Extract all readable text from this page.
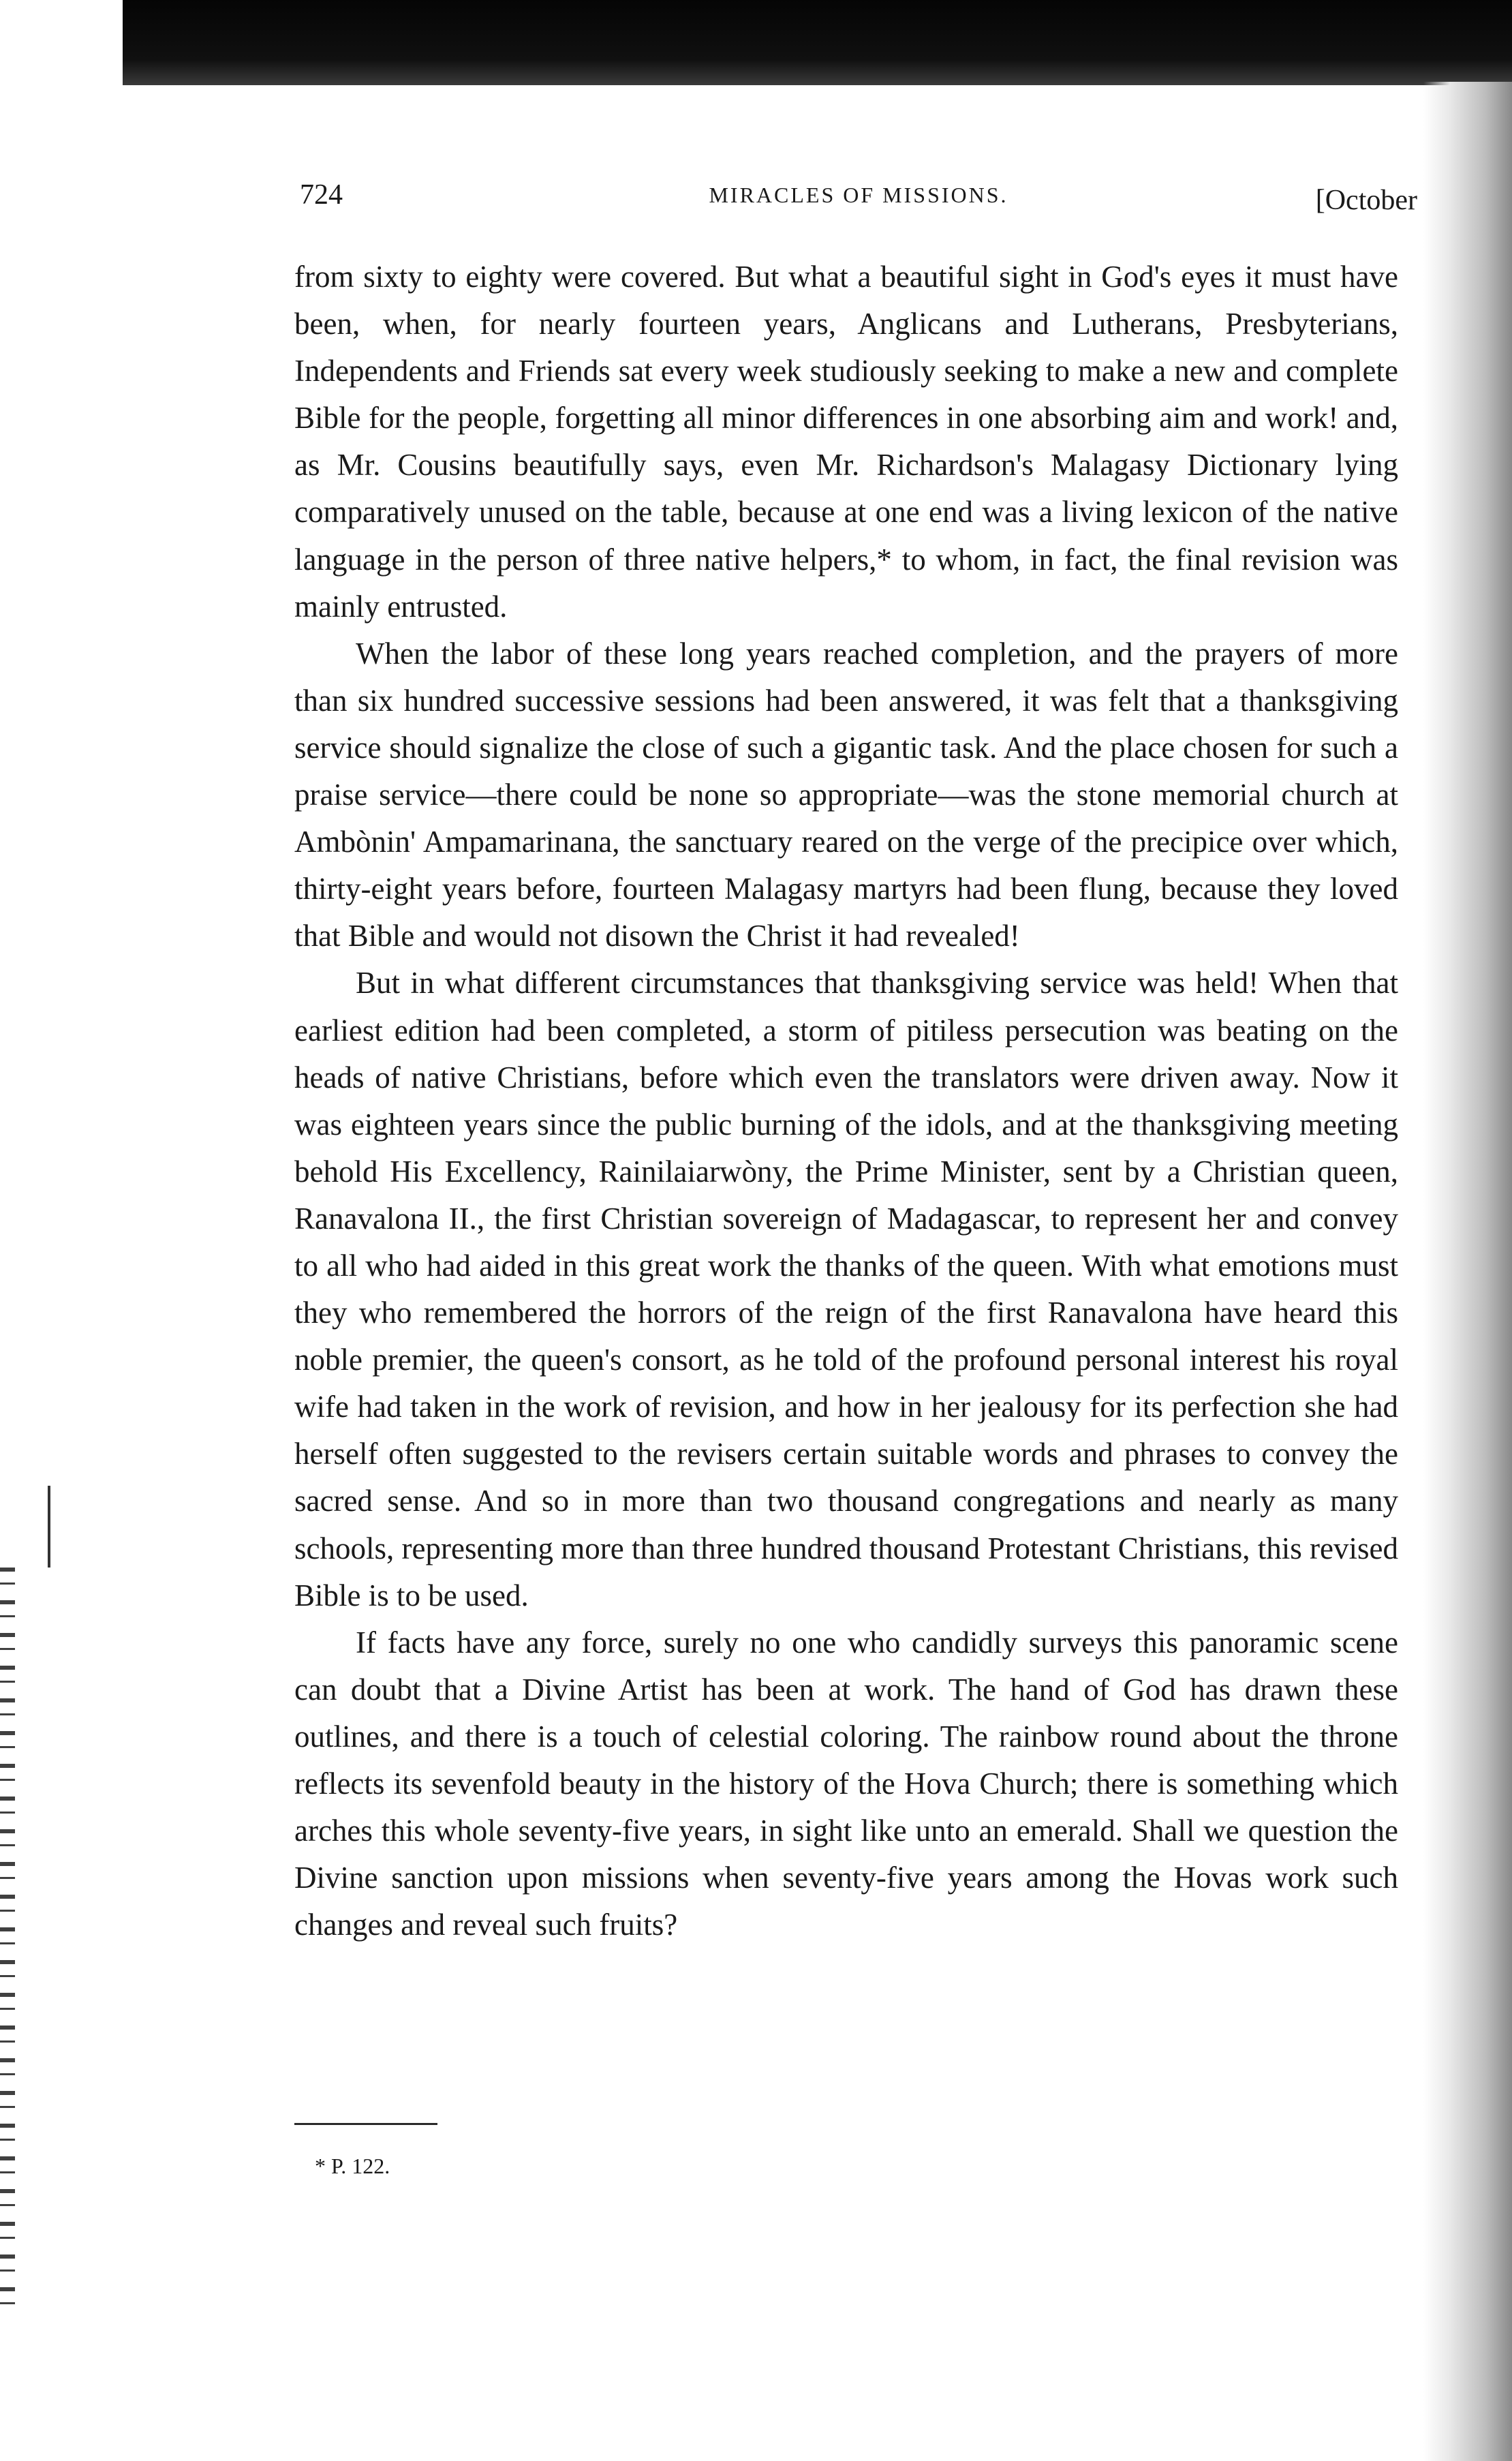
724	MIRACLES OF MISSIONS.	[October

from sixty to eighty were covered. But what a beautiful sight in God's eyes it must have been, when, for nearly fourteen years, Anglicans and Lutherans, Presbyterians, Independents and Friends sat every week studiously seeking to make a new and complete Bible for the people, forgetting all minor differences in one absorbing aim and work! and, as Mr. Cousins beautifully says, even Mr. Richardson's Malagasy Dictionary lying comparatively unused on the table, because at one end was a living lexicon of the native language in the person of three native helpers,* to whom, in fact, the final revision was mainly entrusted.

When the labor of these long years reached completion, and the prayers of more than six hundred successive sessions had been answered, it was felt that a thanksgiving service should signalize the close of such a gigantic task. And the place chosen for such a praise service—there could be none so appropriate—was the stone memorial church at Ambònin' Ampamarinana, the sanctuary reared on the verge of the precipice over which, thirty-eight years before, fourteen Malagasy martyrs had been flung, because they loved that Bible and would not disown the Christ it had revealed!

But in what different circumstances that thanksgiving service was held! When that earliest edition had been completed, a storm of pitiless persecution was beating on the heads of native Christians, before which even the translators were driven away. Now it was eighteen years since the public burning of the idols, and at the thanksgiving meeting behold His Excellency, Rainilaiarwòny, the Prime Minister, sent by a Christian queen, Ranavalona II., the first Christian sovereign of Madagascar, to represent her and convey to all who had aided in this great work the thanks of the queen. With what emotions must they who remembered the horrors of the reign of the first Ranavalona have heard this noble premier, the queen's consort, as he told of the profound personal interest his royal wife had taken in the work of revision, and how in her jealousy for its perfection she had herself often suggested to the revisers certain suitable words and phrases to convey the sacred sense. And so in more than two thousand congregations and nearly as many schools, representing more than three hundred thousand Protestant Christians, this revised Bible is to be used.

If facts have any force, surely no one who candidly surveys this panoramic scene can doubt that a Divine Artist has been at work. The hand of God has drawn these outlines, and there is a touch of celestial coloring. The rainbow round about the throne reflects its sevenfold beauty in the history of the Hova Church; there is something which arches this whole seventy-five years, in sight like unto an emerald. Shall we question the Divine sanction upon missions when seventy-five years among the Hovas work such changes and reveal such fruits?

* P. 122.
